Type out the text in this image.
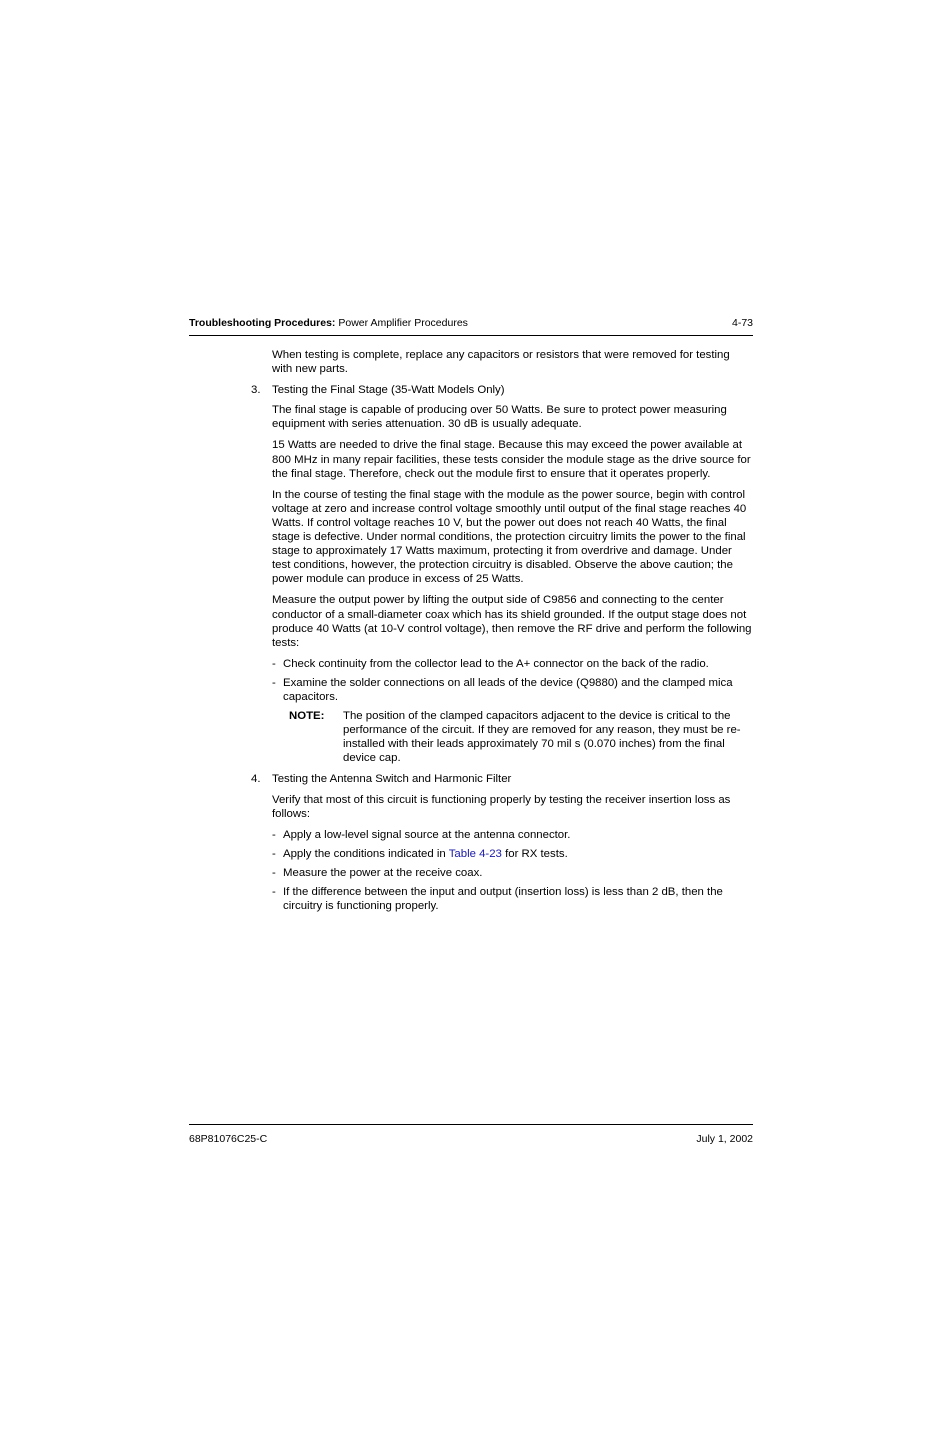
Troubleshooting Procedures: Power Amplifier Procedures	4-73

When testing is complete, replace any capacitors or resistors that were removed for testing with new parts.

3. Testing the Final Stage (35-Watt Models Only)

The final stage is capable of producing over 50 Watts. Be sure to protect power measuring equipment with series attenuation. 30 dB is usually adequate.

15 Watts are needed to drive the final stage. Because this may exceed the power available at 800 MHz in many repair facilities, these tests consider the module stage as the drive source for the final stage. Therefore, check out the module first to ensure that it operates properly.

In the course of testing the final stage with the module as the power source, begin with control voltage at zero and increase control voltage smoothly until output of the final stage reaches 40 Watts. If control voltage reaches 10 V, but the power out does not reach 40 Watts, the final stage is defective. Under normal conditions, the protection circuitry limits the power to the final stage to approximately 17 Watts maximum, protecting it from overdrive and damage. Under test conditions, however, the protection circuitry is disabled. Observe the above caution; the power module can produce in excess of 25 Watts.

Measure the output power by lifting the output side of C9856 and connecting to the center conductor of a small-diameter coax which has its shield grounded. If the output stage does not produce 40 Watts (at 10-V control voltage), then remove the RF drive and perform the following tests:

- Check continuity from the collector lead to the A+ connector on the back of the radio.
- Examine the solder connections on all leads of the device (Q9880) and the clamped mica capacitors.
NOTE: The position of the clamped capacitors adjacent to the device is critical to the performance of the circuit. If they are removed for any reason, they must be re-installed with their leads approximately 70 mil s (0.070 inches) from the final device cap.
4. Testing the Antenna Switch and Harmonic Filter

Verify that most of this circuit is functioning properly by testing the receiver insertion loss as follows:

- Apply a low-level signal source at the antenna connector.
- Apply the conditions indicated in Table 4-23 for RX tests.
- Measure the power at the receive coax.
- If the difference between the input and output (insertion loss) is less than 2 dB, then the circuitry is functioning properly.
68P81076C25-C	July 1, 2002
